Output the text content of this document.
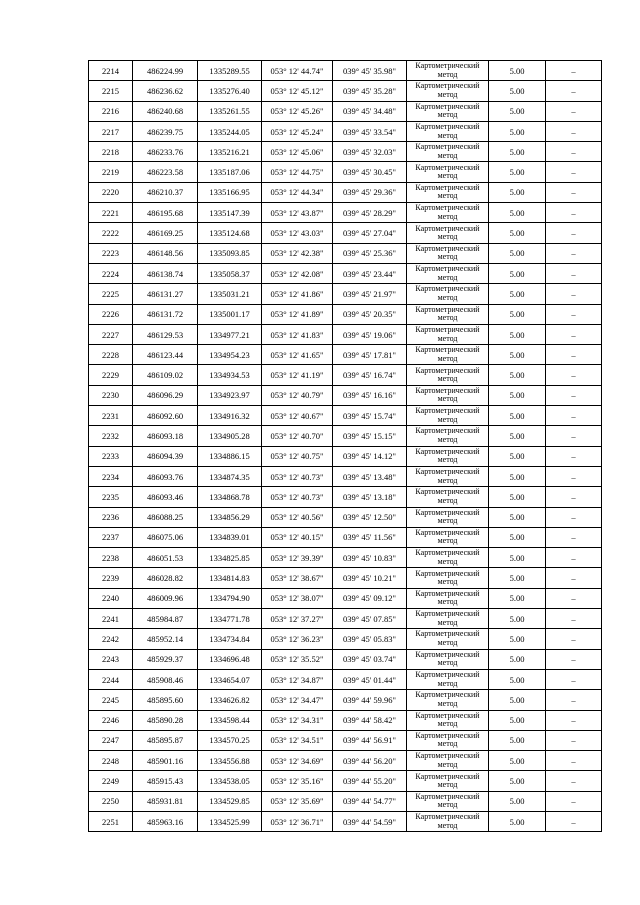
2214	486224.99	1335289.55	053° 12' 44.74"	039° 45' 35.98"	Картометрический метод	5.00	–
2215	486236.62	1335276.40	053° 12' 45.12"	039° 45' 35.28"	Картометрический метод	5.00	–
2216	486240.68	1335261.55	053° 12' 45.26"	039° 45' 34.48"	Картометрический метод	5.00	–
2217	486239.75	1335244.05	053° 12' 45.24"	039° 45' 33.54"	Картометрический метод	5.00	–
2218	486233.76	1335216.21	053° 12' 45.06"	039° 45' 32.03"	Картометрический метод	5.00	–
2219	486223.58	1335187.06	053° 12' 44.75"	039° 45' 30.45"	Картометрический метод	5.00	–
2220	486210.37	1335166.95	053° 12' 44.34"	039° 45' 29.36"	Картометрический метод	5.00	–
2221	486195.68	1335147.39	053° 12' 43.87"	039° 45' 28.29"	Картометрический метод	5.00	–
2222	486169.25	1335124.68	053° 12' 43.03"	039° 45' 27.04"	Картометрический метод	5.00	–
2223	486148.56	1335093.85	053° 12' 42.38"	039° 45' 25.36"	Картометрический метод	5.00	–
2224	486138.74	1335058.37	053° 12' 42.08"	039° 45' 23.44"	Картометрический метод	5.00	–
2225	486131.27	1335031.21	053° 12' 41.86"	039° 45' 21.97"	Картометрический метод	5.00	–
2226	486131.72	1335001.17	053° 12' 41.89"	039° 45' 20.35"	Картометрический метод	5.00	–
2227	486129.53	1334977.21	053° 12' 41.83"	039° 45' 19.06"	Картометрический метод	5.00	–
2228	486123.44	1334954.23	053° 12' 41.65"	039° 45' 17.81"	Картометрический метод	5.00	–
2229	486109.02	1334934.53	053° 12' 41.19"	039° 45' 16.74"	Картометрический метод	5.00	–
2230	486096.29	1334923.97	053° 12' 40.79"	039° 45' 16.16"	Картометрический метод	5.00	–
2231	486092.60	1334916.32	053° 12' 40.67"	039° 45' 15.74"	Картометрический метод	5.00	–
2232	486093.18	1334905.28	053° 12' 40.70"	039° 45' 15.15"	Картометрический метод	5.00	–
2233	486094.39	1334886.15	053° 12' 40.75"	039° 45' 14.12"	Картометрический метод	5.00	–
2234	486093.76	1334874.35	053° 12' 40.73"	039° 45' 13.48"	Картометрический метод	5.00	–
2235	486093.46	1334868.78	053° 12' 40.73"	039° 45' 13.18"	Картометрический метод	5.00	–
2236	486088.25	1334856.29	053° 12' 40.56"	039° 45' 12.50"	Картометрический метод	5.00	–
2237	486075.06	1334839.01	053° 12' 40.15"	039° 45' 11.56"	Картометрический метод	5.00	–
2238	486051.53	1334825.85	053° 12' 39.39"	039° 45' 10.83"	Картометрический метод	5.00	–
2239	486028.82	1334814.83	053° 12' 38.67"	039° 45' 10.21"	Картометрический метод	5.00	–
2240	486009.96	1334794.90	053° 12' 38.07"	039° 45' 09.12"	Картометрический метод	5.00	–
2241	485984.87	1334771.78	053° 12' 37.27"	039° 45' 07.85"	Картометрический метод	5.00	–
2242	485952.14	1334734.84	053° 12' 36.23"	039° 45' 05.83"	Картометрический метод	5.00	–
2243	485929.37	1334696.48	053° 12' 35.52"	039° 45' 03.74"	Картометрический метод	5.00	–
2244	485908.46	1334654.07	053° 12' 34.87"	039° 45' 01.44"	Картометрический метод	5.00	–
2245	485895.60	1334626.82	053° 12' 34.47"	039° 44' 59.96"	Картометрический метод	5.00	–
2246	485890.28	1334598.44	053° 12' 34.31"	039° 44' 58.42"	Картометрический метод	5.00	–
2247	485895.87	1334570.25	053° 12' 34.51"	039° 44' 56.91"	Картометрический метод	5.00	–
2248	485901.16	1334556.88	053° 12' 34.69"	039° 44' 56.20"	Картометрический метод	5.00	–
2249	485915.43	1334538.05	053° 12' 35.16"	039° 44' 55.20"	Картометрический метод	5.00	–
2250	485931.81	1334529.85	053° 12' 35.69"	039° 44' 54.77"	Картометрический метод	5.00	–
2251	485963.16	1334525.99	053° 12' 36.71"	039° 44' 54.59"	Картометрический метод	5.00	–
